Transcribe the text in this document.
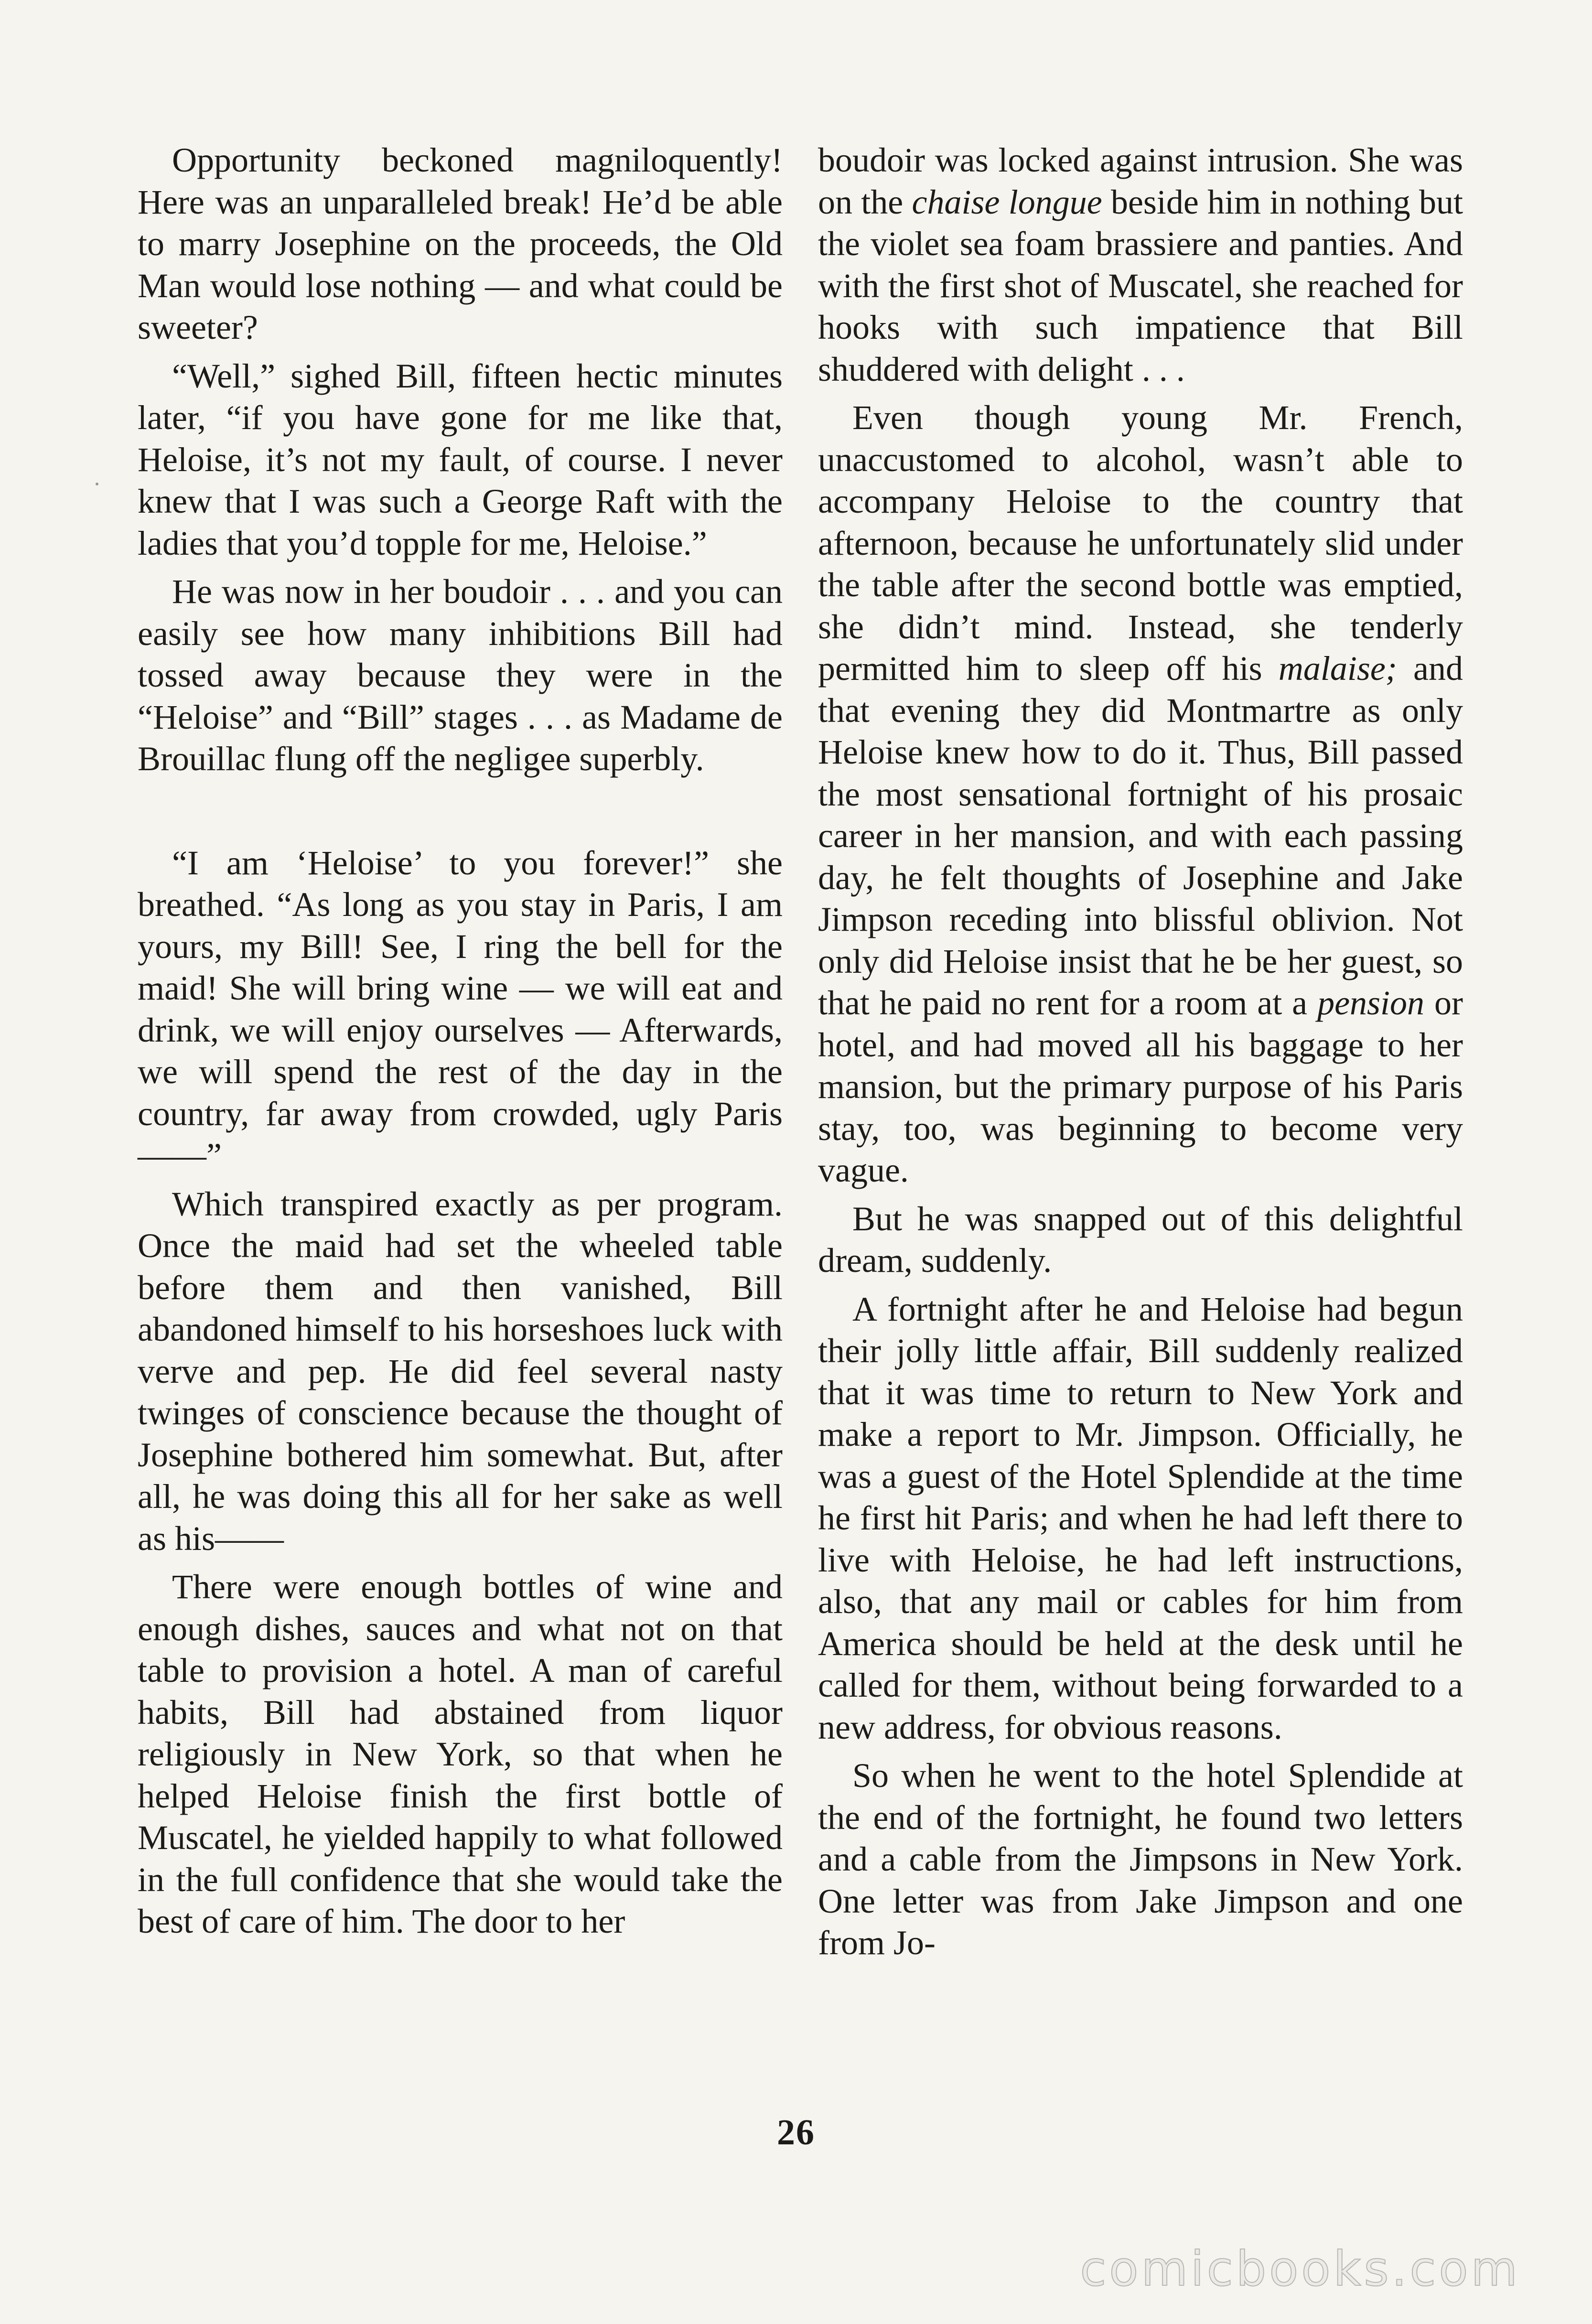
Opportunity beckoned magniloquently! Here was an unparalleled break! He’d be able to marry Josephine on the proceeds, the Old Man would lose nothing — and what could be sweeter?

“Well,” sighed Bill, fifteen hectic minutes later, “if you have gone for me like that, Heloise, it’s not my fault, of course. I never knew that I was such a George Raft with the ladies that you’d topple for me, Heloise.”

He was now in her boudoir . . . and you can easily see how many inhibitions Bill had tossed away because they were in the “Heloise” and “Bill” stages . . . as Madame de Brouillac flung off the negligee superbly.

“I am ‘Heloise’ to you forever!” she breathed. “As long as you stay in Paris, I am yours, my Bill! See, I ring the bell for the maid! She will bring wine — we will eat and drink, we will enjoy ourselves — Afterwards, we will spend the rest of the day in the country, far away from crowded, ugly Paris ——”

Which transpired exactly as per program. Once the maid had set the wheeled table before them and then vanished, Bill abandoned himself to his horseshoes luck with verve and pep. He did feel several nasty twinges of conscience because the thought of Josephine bothered him somewhat. But, after all, he was doing this all for her sake as well as his——

There were enough bottles of wine and enough dishes, sauces and what not on that table to provision a hotel. A man of careful habits, Bill had abstained from liquor religiously in New York, so that when he helped Heloise finish the first bottle of Muscatel, he yielded happily to what followed in the full confidence that she would take the best of care of him. The door to her

boudoir was locked against intrusion. She was on the chaise longue beside him in nothing but the violet sea foam brassiere and panties. And with the first shot of Muscatel, she reached for hooks with such impatience that Bill shuddered with delight . . .

Even though young Mr. French, unaccustomed to alcohol, wasn’t able to accompany Heloise to the country that afternoon, because he unfortunately slid under the table after the second bottle was emptied, she didn’t mind. Instead, she tenderly permitted him to sleep off his malaise; and that evening they did Montmartre as only Heloise knew how to do it. Thus, Bill passed the most sensational fortnight of his prosaic career in her mansion, and with each passing day, he felt thoughts of Josephine and Jake Jimpson receding into blissful oblivion. Not only did Heloise insist that he be her guest, so that he paid no rent for a room at a pension or hotel, and had moved all his baggage to her mansion, but the primary purpose of his Paris stay, too, was beginning to become very vague.

But he was snapped out of this delightful dream, suddenly.

A fortnight after he and Heloise had begun their jolly little affair, Bill suddenly realized that it was time to return to New York and make a report to Mr. Jimpson. Officially, he was a guest of the Hotel Splendide at the time he first hit Paris; and when he had left there to live with Heloise, he had left instructions, also, that any mail or cables for him from America should be held at the desk until he called for them, without being forwarded to a new address, for obvious reasons.

So when he went to the hotel Splendide at the end of the fortnight, he found two letters and a cable from the Jimpsons in New York. One letter was from Jake Jimpson and one from Jo-

26
comicbooks.com
